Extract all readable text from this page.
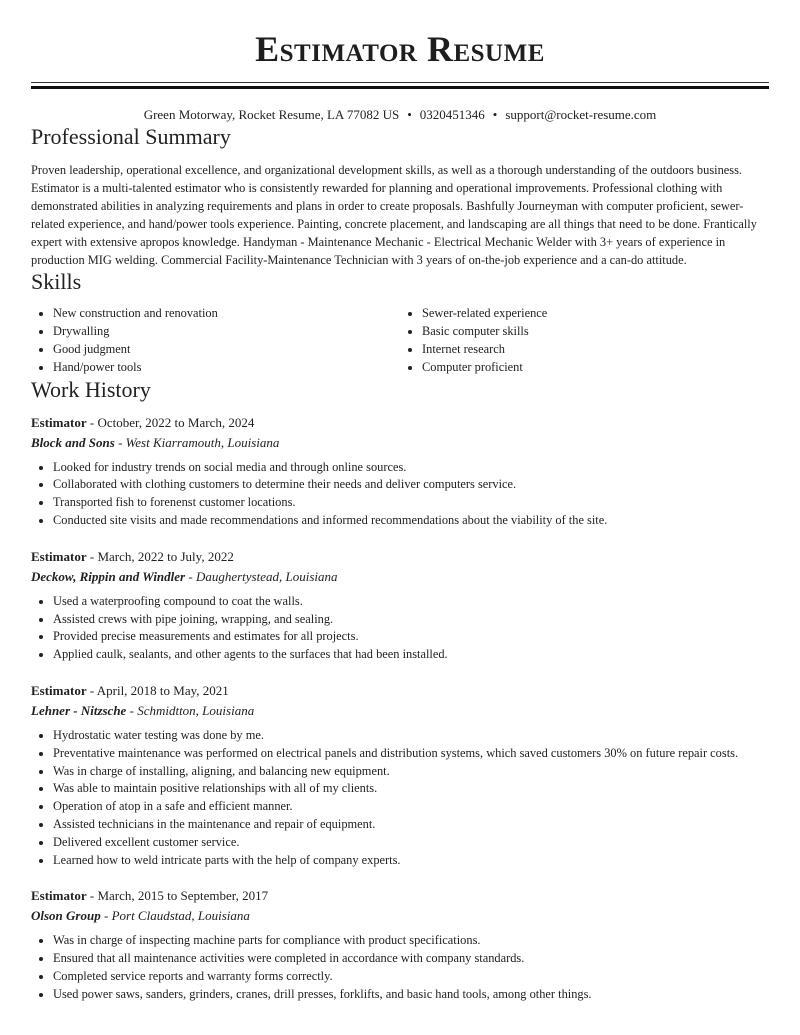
Estimator Resume
Green Motorway, Rocket Resume, LA 77082 US • 0320451346 • support@rocket-resume.com
Professional Summary
Proven leadership, operational excellence, and organizational development skills, as well as a thorough understanding of the outdoors business. Estimator is a multi-talented estimator who is consistently rewarded for planning and operational improvements. Professional clothing with demonstrated abilities in analyzing requirements and plans in order to create proposals. Bashfully Journeyman with computer proficient, sewer-related experience, and hand/power tools experience. Painting, concrete placement, and landscaping are all things that need to be done. Frantically expert with extensive apropos knowledge. Handyman - Maintenance Mechanic - Electrical Mechanic Welder with 3+ years of experience in production MIG welding. Commercial Facility-Maintenance Technician with 3 years of on-the-job experience and a can-do attitude.
Skills
• New construction and renovation
• Drywalling
• Good judgment
• Hand/power tools
• Sewer-related experience
• Basic computer skills
• Internet research
• Computer proficient
Work History
Estimator - October, 2022 to March, 2024
Block and Sons - West Kiarramouth, Louisiana
• Looked for industry trends on social media and through online sources.
• Collaborated with clothing customers to determine their needs and deliver computers service.
• Transported fish to forenenst customer locations.
• Conducted site visits and made recommendations and informed recommendations about the viability of the site.
Estimator - March, 2022 to July, 2022
Deckow, Rippin and Windler - Daughertystead, Louisiana
• Used a waterproofing compound to coat the walls.
• Assisted crews with pipe joining, wrapping, and sealing.
• Provided precise measurements and estimates for all projects.
• Applied caulk, sealants, and other agents to the surfaces that had been installed.
Estimator - April, 2018 to May, 2021
Lehner - Nitzsche - Schmidtton, Louisiana
• Hydrostatic water testing was done by me.
• Preventative maintenance was performed on electrical panels and distribution systems, which saved customers 30% on future repair costs.
• Was in charge of installing, aligning, and balancing new equipment.
• Was able to maintain positive relationships with all of my clients.
• Operation of atop in a safe and efficient manner.
• Assisted technicians in the maintenance and repair of equipment.
• Delivered excellent customer service.
• Learned how to weld intricate parts with the help of company experts.
Estimator - March, 2015 to September, 2017
Olson Group - Port Claudstad, Louisiana
• Was in charge of inspecting machine parts for compliance with product specifications.
• Ensured that all maintenance activities were completed in accordance with company standards.
• Completed service reports and warranty forms correctly.
• Used power saws, sanders, grinders, cranes, drill presses, forklifts, and basic hand tools, among other things.
